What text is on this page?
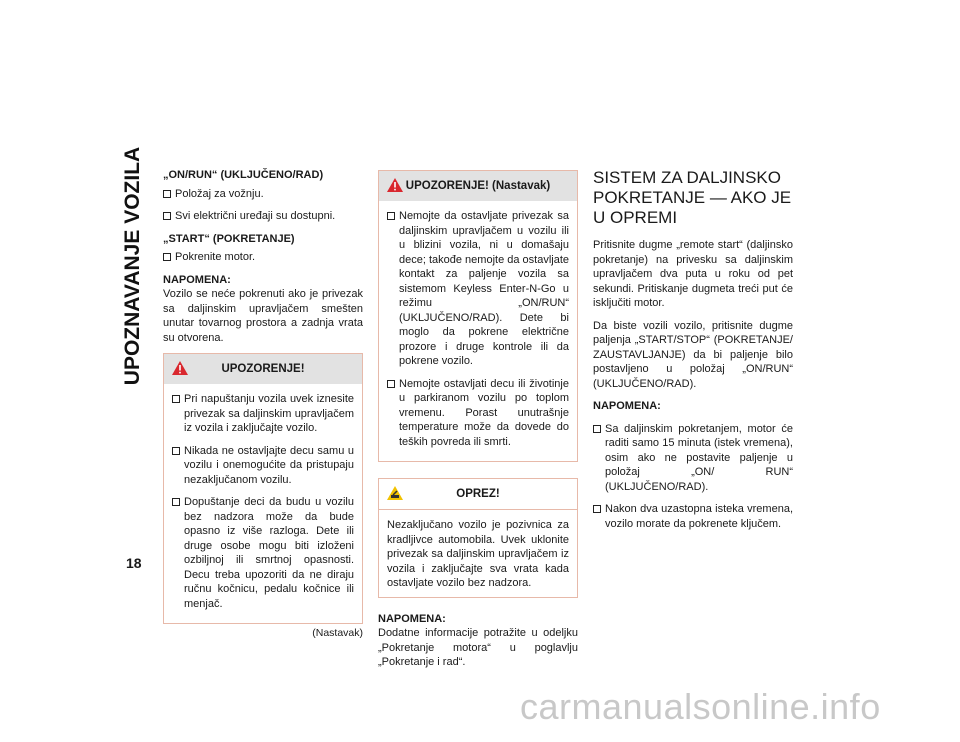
UPOZNAVANJE VOZILA
18
„ON/RUN“ (UKLJUČENO/RAD)
Položaj za vožnju.
Svi električni uređaji su dostupni.
„START“ (POKRETANJE)
Pokrenite motor.
NAPOMENA:

Vozilo se neće pokrenuti ako je privezak sa daljinskim upravljačem smešten unutar tovarnog prostora a zadnja vrata su otvorena.

UPOZORENJE!
Pri napuštanju vozila uvek iznesite privezak sa daljinskim upravljačem iz vozila i zaključajte vozilo.
Nikada ne ostavljajte decu samu u vozilu i onemogućite da pristupaju nezaključanom vozilu.
Dopuštanje deci da budu u vozilu bez nadzora može da bude opasno iz više razloga. Dete ili druge osobe mogu biti izloženi ozbiljnoj ili smrtnoj opasnosti. Decu treba upozoriti da ne diraju ručnu kočnicu, pedalu kočnice ili menjač.
(Nastavak)
UPOZORENJE! (Nastavak)
Nemojte da ostavljate privezak sa daljinskim upravljačem u vozilu ili u blizini vozila, ni u domašaju dece; takođe nemojte da ostavljate kontakt za paljenje vozila sa sistemom Keyless Enter-N-Go u režimu „ON/RUN“ (UKLJUČENO/RAD). Dete bi moglo da pokrene električne prozore i druge kontrole ili da pokrene vozilo.
Nemojte ostavljati decu ili životinje u parkiranom vozilu po toplom vremenu. Porast unutrašnje temperature može da dovede do teških povreda ili smrti.
OPREZ!

Nezaključano vozilo je pozivnica za kradljivce automobila. Uvek uklonite privezak sa daljinskim upravljačem iz vozila i zaključajte sva vrata kada ostavljate vozilo bez nadzora.

NAPOMENA:

Dodatne informacije potražite u odeljku „Pokretanje motora“ u poglavlju „Pokretanje i rad“.

SISTEM ZA DALJINSKO POKRETANJE — AKO JE U OPREMI

Pritisnite dugme „remote start“ (daljinsko pokretanje) na privesku sa daljinskim upravljačem dva puta u roku od pet sekundi. Pritiskanje dugmeta treći put će isključiti motor.

Da biste vozili vozilo, pritisnite dugme paljenja „START/STOP“ (POKRETANJE/ ZAUSTAVLJANJE) da bi paljenje bilo postavljeno u položaj „ON/RUN“ (UKLJUČENO/RAD).

NAPOMENA:
Sa daljinskim pokretanjem, motor će raditi samo 15 minuta (istek vremena), osim ako ne postavite paljenje u položaj „ON/ RUN“ (UKLJUČENO/RAD).
Nakon dva uzastopna isteka vremena, vozilo morate da pokrenete ključem.
carmanualsonline.info
